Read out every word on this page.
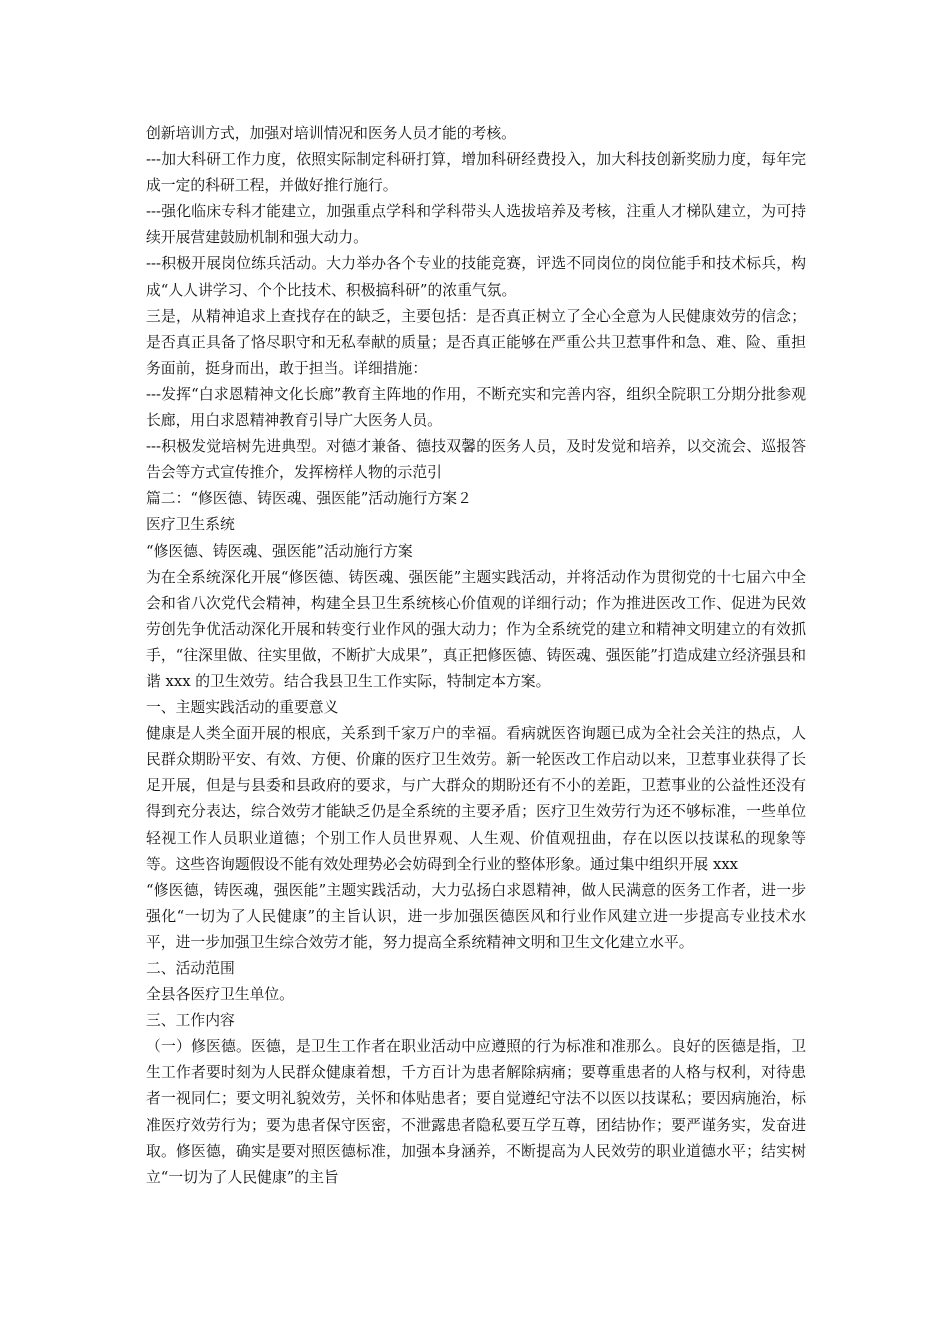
创新培训方式，加强对培训情况和医务人员才能的考核。

---加大科研工作力度，依照实际制定科研打算，增加科研经费投入，加大科技创新奖励力度，每年完成一定的科研工程，并做好推行施行。

---强化临床专科才能建立，加强重点学科和学科带头人选拔培养及考核，注重人才梯队建立，为可持续开展营建鼓励机制和强大动力。

---积极开展岗位练兵活动。大力举办各个专业的技能竞赛，评选不同岗位的岗位能手和技术标兵，构成“人人讲学习、个个比技术、积极搞科研”的浓重气氛。

三是，从精神追求上查找存在的缺乏，主要包括：是否真正树立了全心全意为人民健康效劳的信念；是否真正具备了恪尽职守和无私奉献的质量；是否真正能够在严重公共卫惹事件和急、难、险、重担务面前，挺身而出，敢于担当。详细措施：

---发挥“白求恩精神文化长廊”教育主阵地的作用，不断充实和完善内容，组织全院职工分期分批参观长廊，用白求恩精神教育引导广大医务人员。

---积极发觉培树先进典型。对德才兼备、德技双馨的医务人员，及时发觉和培养，以交流会、巡报答告会等方式宣传推介，发挥榜样人物的示范引

篇二：“修医德、铸医魂、强医能”活动施行方案２

医疗卫生系统

“修医德、铸医魂、强医能”活动施行方案

为在全系统深化开展“修医德、铸医魂、强医能”主题实践活动，并将活动作为贯彻党的十七届六中全会和省八次党代会精神，构建全县卫生系统核心价值观的详细行动；作为推进医改工作、促进为民效劳创先争优活动深化开展和转变行业作风的强大动力；作为全系统党的建立和精神文明建立的有效抓手，“往深里做、往实里做，不断扩大成果”，真正把修医德、铸医魂、强医能”打造成建立经济强县和谐 xxx 的卫生效劳。结合我县卫生工作实际，特制定本方案。

一、主题实践活动的重要意义

健康是人类全面开展的根底，关系到千家万户的幸福。看病就医咨询题已成为全社会关注的热点，人民群众期盼平安、有效、方便、价廉的医疗卫生效劳。新一轮医改工作启动以来，卫惹事业获得了长足开展，但是与县委和县政府的要求，与广大群众的期盼还有不小的差距，卫惹事业的公益性还没有得到充分表达，综合效劳才能缺乏仍是全系统的主要矛盾；医疗卫生效劳行为还不够标准，一些单位轻视工作人员职业道德；个别工作人员世界观、人生观、价值观扭曲，存在以医以技谋私的现象等等。这些咨询题假设不能有效处理势必会妨碍到全行业的整体形象。通过集中组织开展 xxx

“修医德，铸医魂，强医能”主题实践活动，大力弘扬白求恩精神，做人民满意的医务工作者，进一步强化“一切为了人民健康”的主旨认识，进一步加强医德医风和行业作风建立进一步提高专业技术水平，进一步加强卫生综合效劳才能，努力提高全系统精神文明和卫生文化建立水平。

二、活动范围

全县各医疗卫生单位。

三、工作内容

（一）修医德。医德，是卫生工作者在职业活动中应遵照的行为标准和准那么。良好的医德是指，卫生工作者要时刻为人民群众健康着想，千方百计为患者解除病痛；要尊重患者的人格与权利，对待患者一视同仁；要文明礼貌效劳，关怀和体贴患者；要自觉遵纪守法不以医以技谋私；要因病施治，标准医疗效劳行为；要为患者保守医密，不泄露患者隐私要互学互尊，团结协作；要严谨务实，发奋进取。修医德，确实是要对照医德标准，加强本身涵养，不断提高为人民效劳的职业道德水平；结实树立“一切为了人民健康”的主旨
